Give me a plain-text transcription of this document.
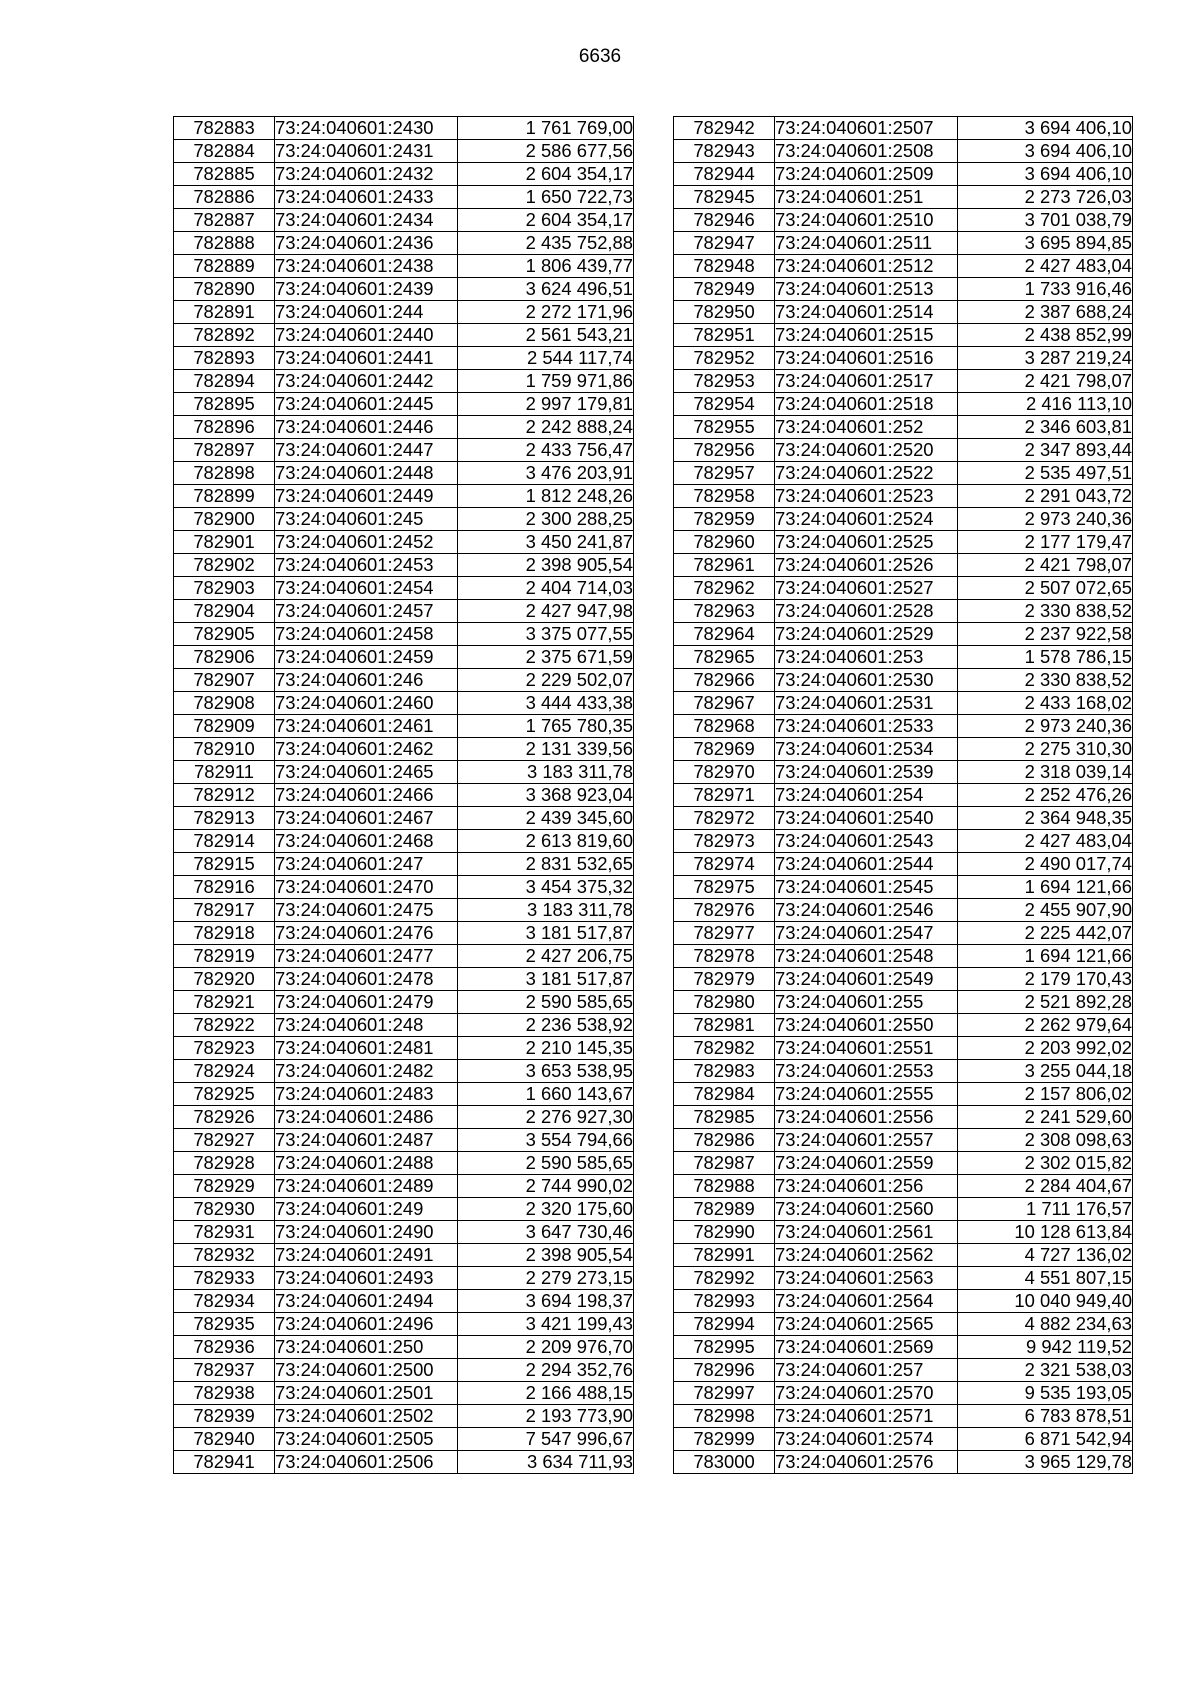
6636
782883	73:24:040601:2430	1 761 769,00
782884	73:24:040601:2431	2 586 677,56
782885	73:24:040601:2432	2 604 354,17
782886	73:24:040601:2433	1 650 722,73
782887	73:24:040601:2434	2 604 354,17
782888	73:24:040601:2436	2 435 752,88
782889	73:24:040601:2438	1 806 439,77
782890	73:24:040601:2439	3 624 496,51
782891	73:24:040601:244	2 272 171,96
782892	73:24:040601:2440	2 561 543,21
782893	73:24:040601:2441	2 544 117,74
782894	73:24:040601:2442	1 759 971,86
782895	73:24:040601:2445	2 997 179,81
782896	73:24:040601:2446	2 242 888,24
782897	73:24:040601:2447	2 433 756,47
782898	73:24:040601:2448	3 476 203,91
782899	73:24:040601:2449	1 812 248,26
782900	73:24:040601:245	2 300 288,25
782901	73:24:040601:2452	3 450 241,87
782902	73:24:040601:2453	2 398 905,54
782903	73:24:040601:2454	2 404 714,03
782904	73:24:040601:2457	2 427 947,98
782905	73:24:040601:2458	3 375 077,55
782906	73:24:040601:2459	2 375 671,59
782907	73:24:040601:246	2 229 502,07
782908	73:24:040601:2460	3 444 433,38
782909	73:24:040601:2461	1 765 780,35
782910	73:24:040601:2462	2 131 339,56
782911	73:24:040601:2465	3 183 311,78
782912	73:24:040601:2466	3 368 923,04
782913	73:24:040601:2467	2 439 345,60
782914	73:24:040601:2468	2 613 819,60
782915	73:24:040601:247	2 831 532,65
782916	73:24:040601:2470	3 454 375,32
782917	73:24:040601:2475	3 183 311,78
782918	73:24:040601:2476	3 181 517,87
782919	73:24:040601:2477	2 427 206,75
782920	73:24:040601:2478	3 181 517,87
782921	73:24:040601:2479	2 590 585,65
782922	73:24:040601:248	2 236 538,92
782923	73:24:040601:2481	2 210 145,35
782924	73:24:040601:2482	3 653 538,95
782925	73:24:040601:2483	1 660 143,67
782926	73:24:040601:2486	2 276 927,30
782927	73:24:040601:2487	3 554 794,66
782928	73:24:040601:2488	2 590 585,65
782929	73:24:040601:2489	2 744 990,02
782930	73:24:040601:249	2 320 175,60
782931	73:24:040601:2490	3 647 730,46
782932	73:24:040601:2491	2 398 905,54
782933	73:24:040601:2493	2 279 273,15
782934	73:24:040601:2494	3 694 198,37
782935	73:24:040601:2496	3 421 199,43
782936	73:24:040601:250	2 209 976,70
782937	73:24:040601:2500	2 294 352,76
782938	73:24:040601:2501	2 166 488,15
782939	73:24:040601:2502	2 193 773,90
782940	73:24:040601:2505	7 547 996,67
782941	73:24:040601:2506	3 634 711,93
782942	73:24:040601:2507	3 694 406,10
782943	73:24:040601:2508	3 694 406,10
782944	73:24:040601:2509	3 694 406,10
782945	73:24:040601:251	2 273 726,03
782946	73:24:040601:2510	3 701 038,79
782947	73:24:040601:2511	3 695 894,85
782948	73:24:040601:2512	2 427 483,04
782949	73:24:040601:2513	1 733 916,46
782950	73:24:040601:2514	2 387 688,24
782951	73:24:040601:2515	2 438 852,99
782952	73:24:040601:2516	3 287 219,24
782953	73:24:040601:2517	2 421 798,07
782954	73:24:040601:2518	2 416 113,10
782955	73:24:040601:252	2 346 603,81
782956	73:24:040601:2520	2 347 893,44
782957	73:24:040601:2522	2 535 497,51
782958	73:24:040601:2523	2 291 043,72
782959	73:24:040601:2524	2 973 240,36
782960	73:24:040601:2525	2 177 179,47
782961	73:24:040601:2526	2 421 798,07
782962	73:24:040601:2527	2 507 072,65
782963	73:24:040601:2528	2 330 838,52
782964	73:24:040601:2529	2 237 922,58
782965	73:24:040601:253	1 578 786,15
782966	73:24:040601:2530	2 330 838,52
782967	73:24:040601:2531	2 433 168,02
782968	73:24:040601:2533	2 973 240,36
782969	73:24:040601:2534	2 275 310,30
782970	73:24:040601:2539	2 318 039,14
782971	73:24:040601:254	2 252 476,26
782972	73:24:040601:2540	2 364 948,35
782973	73:24:040601:2543	2 427 483,04
782974	73:24:040601:2544	2 490 017,74
782975	73:24:040601:2545	1 694 121,66
782976	73:24:040601:2546	2 455 907,90
782977	73:24:040601:2547	2 225 442,07
782978	73:24:040601:2548	1 694 121,66
782979	73:24:040601:2549	2 179 170,43
782980	73:24:040601:255	2 521 892,28
782981	73:24:040601:2550	2 262 979,64
782982	73:24:040601:2551	2 203 992,02
782983	73:24:040601:2553	3 255 044,18
782984	73:24:040601:2555	2 157 806,02
782985	73:24:040601:2556	2 241 529,60
782986	73:24:040601:2557	2 308 098,63
782987	73:24:040601:2559	2 302 015,82
782988	73:24:040601:256	2 284 404,67
782989	73:24:040601:2560	1 711 176,57
782990	73:24:040601:2561	10 128 613,84
782991	73:24:040601:2562	4 727 136,02
782992	73:24:040601:2563	4 551 807,15
782993	73:24:040601:2564	10 040 949,40
782994	73:24:040601:2565	4 882 234,63
782995	73:24:040601:2569	9 942 119,52
782996	73:24:040601:257	2 321 538,03
782997	73:24:040601:2570	9 535 193,05
782998	73:24:040601:2571	6 783 878,51
782999	73:24:040601:2574	6 871 542,94
783000	73:24:040601:2576	3 965 129,78
